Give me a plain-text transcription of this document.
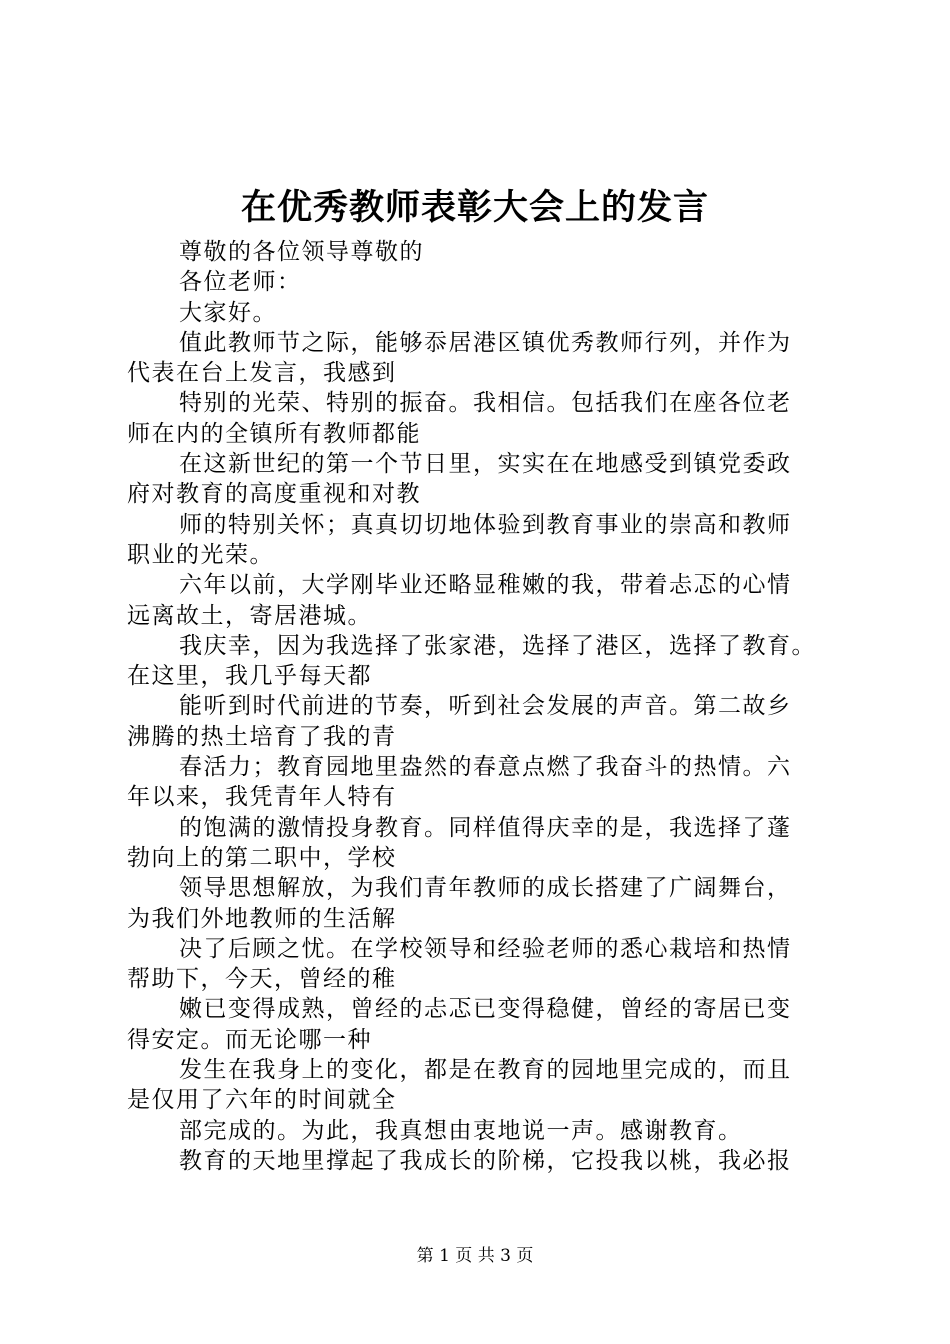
在优秀教师表彰大会上的发言

尊敬的各位领导尊敬的

各位老师：

大家好。

值此教师节之际，能够忝居港区镇优秀教师行列，并作为
代表在台上发言，我感到

特别的光荣、特别的振奋。我相信。包括我们在座各位老
师在内的全镇所有教师都能

在这新世纪的第一个节日里，实实在在地感受到镇党委政
府对教育的高度重视和对教

师的特别关怀；真真切切地体验到教育事业的崇高和教师
职业的光荣。

六年以前，大学刚毕业还略显稚嫩的我，带着忐忑的心情
远离故土，寄居港城。

我庆幸，因为我选择了张家港，选择了港区，选择了教育。
在这里，我几乎每天都

能听到时代前进的节奏，听到社会发展的声音。第二故乡
沸腾的热土培育了我的青

春活力；教育园地里盎然的春意点燃了我奋斗的热情。六
年以来，我凭青年人特有

的饱满的激情投身教育。同样值得庆幸的是，我选择了蓬
勃向上的第二职中，学校

领导思想解放，为我们青年教师的成长搭建了广阔舞台，
为我们外地教师的生活解

决了后顾之忧。在学校领导和经验老师的悉心栽培和热情
帮助下，今天，曾经的稚

嫩已变得成熟，曾经的忐忑已变得稳健，曾经的寄居已变
得安定。而无论哪一种

发生在我身上的变化，都是在教育的园地里完成的，而且
是仅用了六年的时间就全

部完成的。为此，我真想由衷地说一声。感谢教育。

教育的天地里撑起了我成长的阶梯，它投我以桃，我必报

第 1 页 共 3 页
